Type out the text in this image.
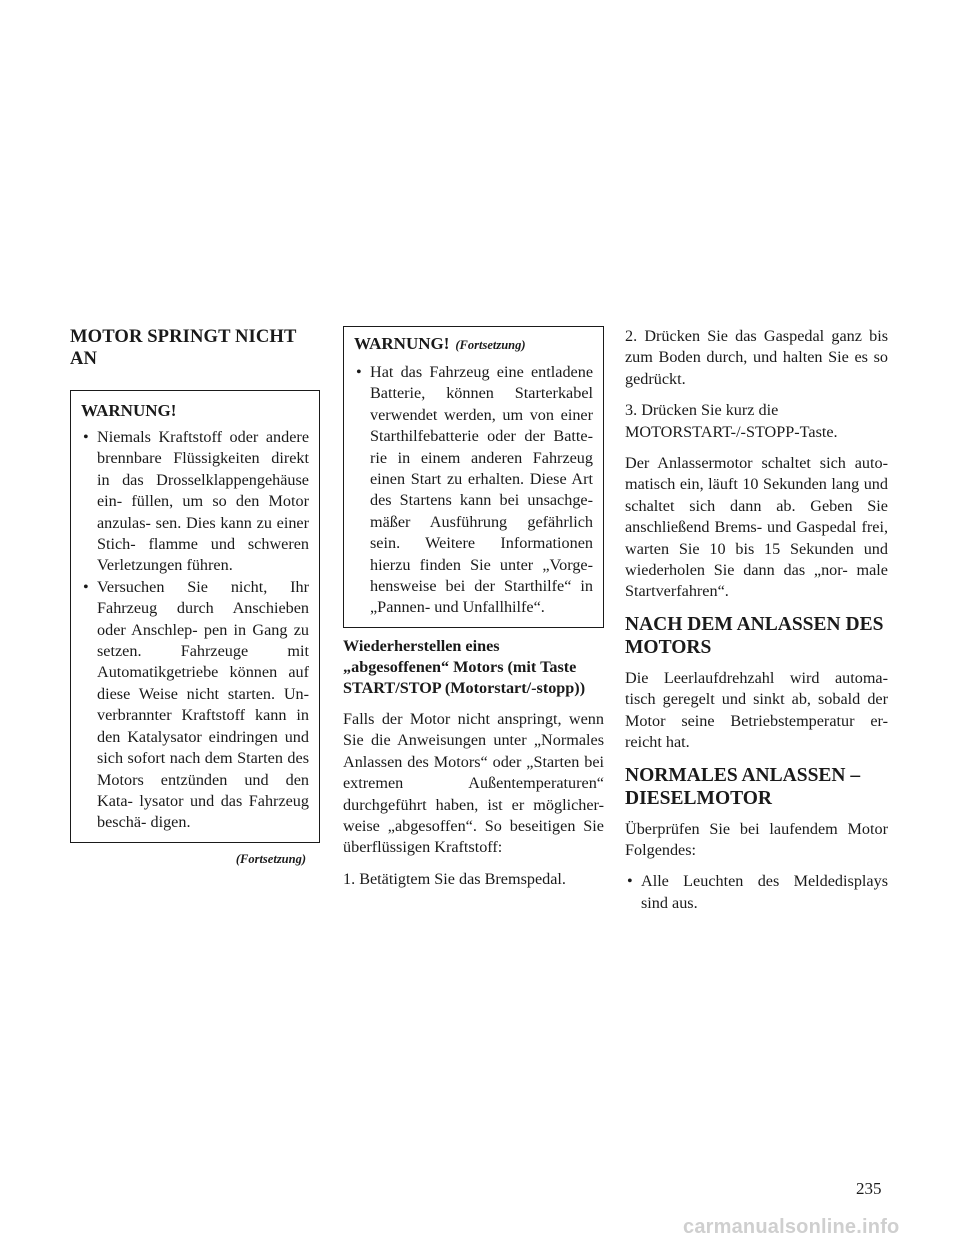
MOTOR SPRINGT NICHT AN
WARNUNG!
• Niemals Kraftstoff oder andere brennbare Flüssigkeiten direkt in das Drosselklappengehäuse ein- füllen, um so den Motor anzulas- sen. Dies kann zu einer Stich- flamme und schweren Verletzungen führen.
• Versuchen Sie nicht, Ihr Fahrzeug durch Anschieben oder Anschlep- pen in Gang zu setzen. Fahrzeuge mit Automatikgetriebe können auf diese Weise nicht starten. Un- verbrannter Kraftstoff kann in den Katalysator eindringen und sich sofort nach dem Starten des Motors entzünden und den Kata- lysator und das Fahrzeug beschä- digen.
(Fortsetzung)
WARNUNG! (Fortsetzung)
• Hat das Fahrzeug eine entladene Batterie, können Starterkabel verwendet werden, um von einer Starthilfebatterie oder der Batte- rie in einem anderen Fahrzeug einen Start zu erhalten. Diese Art des Startens kann bei unsachge- mäßer Ausführung gefährlich sein. Weitere Informationen hierzu finden Sie unter „Vorge- hensweise bei der Starthilfe“ in „Pannen- und Unfallhilfe“.
Wiederherstellen eines „abgesoffenen“ Motors (mit Taste START/STOP (Motorstart/-stopp))

Falls der Motor nicht anspringt, wenn Sie die Anweisungen unter „Normales Anlassen des Motors“ oder „Starten bei extremen Außentemperaturen“ durchgeführt haben, ist er möglicher- weise „abgesoffen“. So beseitigen Sie überflüssigen Kraftstoff:

1. Betätigtem Sie das Bremspedal.

2. Drücken Sie das Gaspedal ganz bis zum Boden durch, und halten Sie es so gedrückt.

3. Drücken Sie kurz die MOTORSTART-/-STOPP-Taste.

Der Anlassermotor schaltet sich auto- matisch ein, läuft 10 Sekunden lang und schaltet sich dann ab. Geben Sie anschließend Brems- und Gaspedal frei, warten Sie 10 bis 15 Sekunden und wiederholen Sie dann das „nor- male Startverfahren“.

NACH DEM ANLASSEN DES MOTORS

Die Leerlaufdrehzahl wird automa- tisch geregelt und sinkt ab, sobald der Motor seine Betriebstemperatur er- reicht hat.

NORMALES ANLASSEN – DIESELMOTOR

Überprüfen Sie bei laufendem Motor Folgendes:

• Alle Leuchten des Meldedisplays sind aus.
235
carmanualsonline.info
